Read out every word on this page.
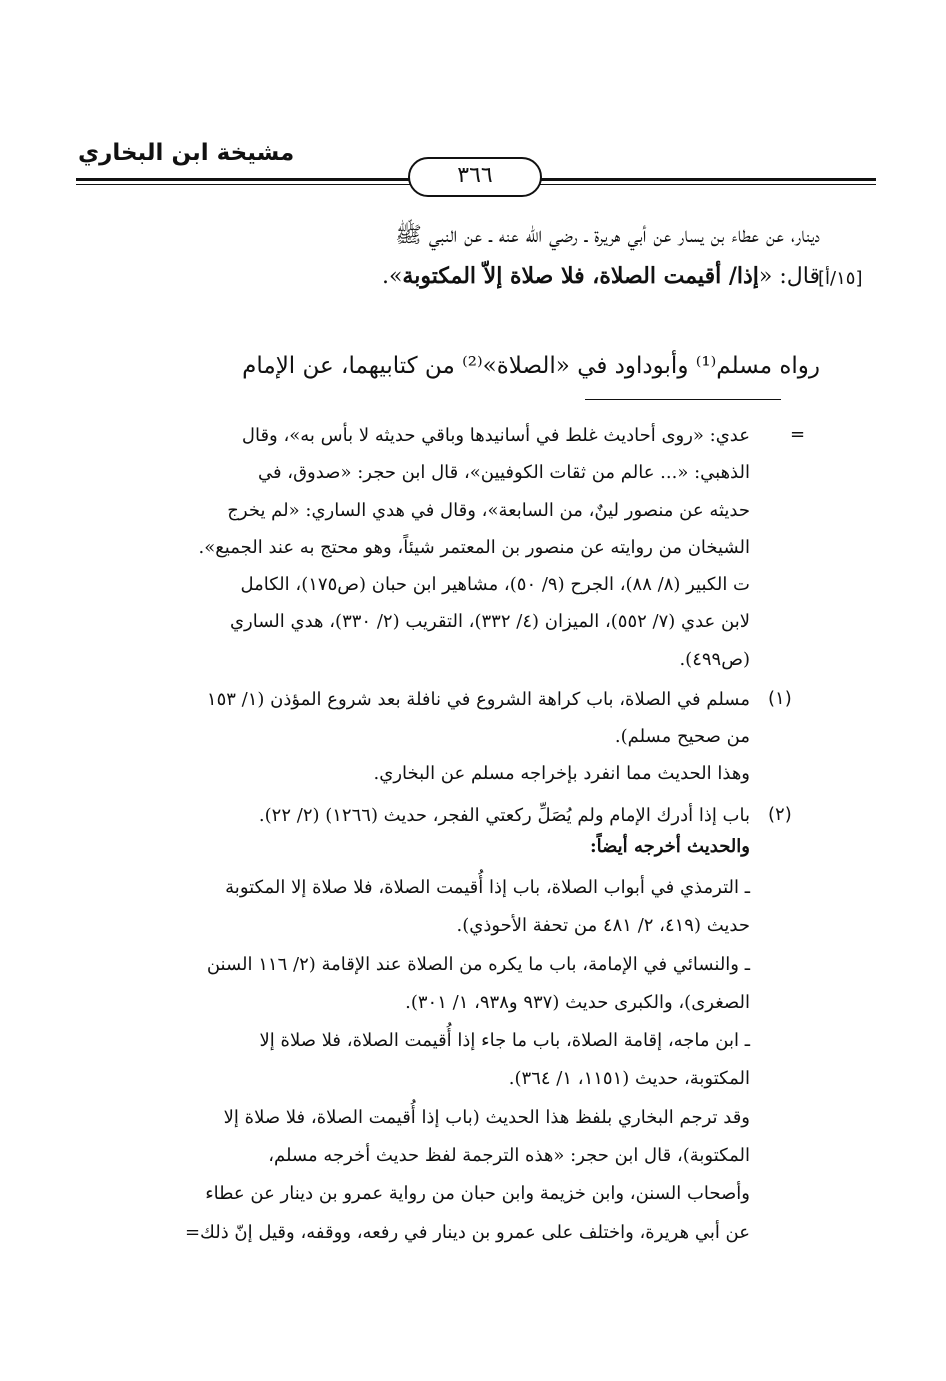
مشيخة ابن البخاري
٣٦٦
دينار، عن عطاء بن يسار عن أبي هريرة ـ رضي الله عنه ـ عن النبي ﷺ
قال: «إذا/ أقيمت الصلاة، فلا صلاة إلاّ المكتوبة».	[١٥/أ]
رواه مسلم⁽¹⁾ وأبوداود في «الصلاة»⁽²⁾ من كتابيهما، عن الإمام
=
عدي: «روى أحاديث غلط في أسانيدها وباقي حديثه لا بأس به»، وقال
الذهبي: «... عالم من ثقات الكوفيين»، قال ابن حجر: «صدوق، في
حديثه عن منصور لينٌ، من السابعة»، وقال في هدي الساري: «لم يخرج
الشيخان من روايته عن منصور بن المعتمر شيئاً، وهو محتج به عند الجميع».
ت الكبير (٨/ ٨٨)، الجرح (٩/ ٥٠)، مشاهير ابن حبان (ص١٧٥)، الكامل
لابن عدي (٧/ ٥٥٢)، الميزان (٤/ ٣٣٢)، التقريب (٢/ ٣٣٠)، هدي الساري
(ص٤٩٩).
(١)
مسلم في الصلاة، باب كراهة الشروع في نافلة بعد شروع المؤذن (١/ ١٥٣
من صحيح مسلم).
وهذا الحديث مما انفرد بإخراجه مسلم عن البخاري.
(٢)
باب إذا أدرك الإمام ولم يُصَلِّ ركعتي الفجر، حديث (١٢٦٦) (٢/ ٢٢).
والحديث أخرجه أيضاً:
ـ الترمذي في أبواب الصلاة، باب إذا أُقيمت الصلاة، فلا صلاة إلا المكتوبة
حديث (٤١٩، ٢/ ٤٨١ من تحفة الأحوذي).
ـ والنسائي في الإمامة، باب ما يكره من الصلاة عند الإقامة (٢/ ١١٦ السنن
الصغرى)، والكبرى حديث (٩٣٧ و٩٣٨، ١/ ٣٠١).
ـ ابن ماجه، إقامة الصلاة، باب ما جاء إذا أُقيمت الصلاة، فلا صلاة إلا
المكتوبة، حديث (١١٥١، ١/ ٣٦٤).
وقد ترجم البخاري بلفظ هذا الحديث (باب إذا أُقيمت الصلاة، فلا صلاة إلا
المكتوبة)، قال ابن حجر: «هذه الترجمة لفظ حديث أخرجه مسلم،
وأصحاب السنن، وابن خزيمة وابن حبان من رواية عمرو بن دينار عن عطاء
عن أبي هريرة، واختلف على عمرو بن دينار في رفعه، ووقفه، وقيل إنّ ذلك=
